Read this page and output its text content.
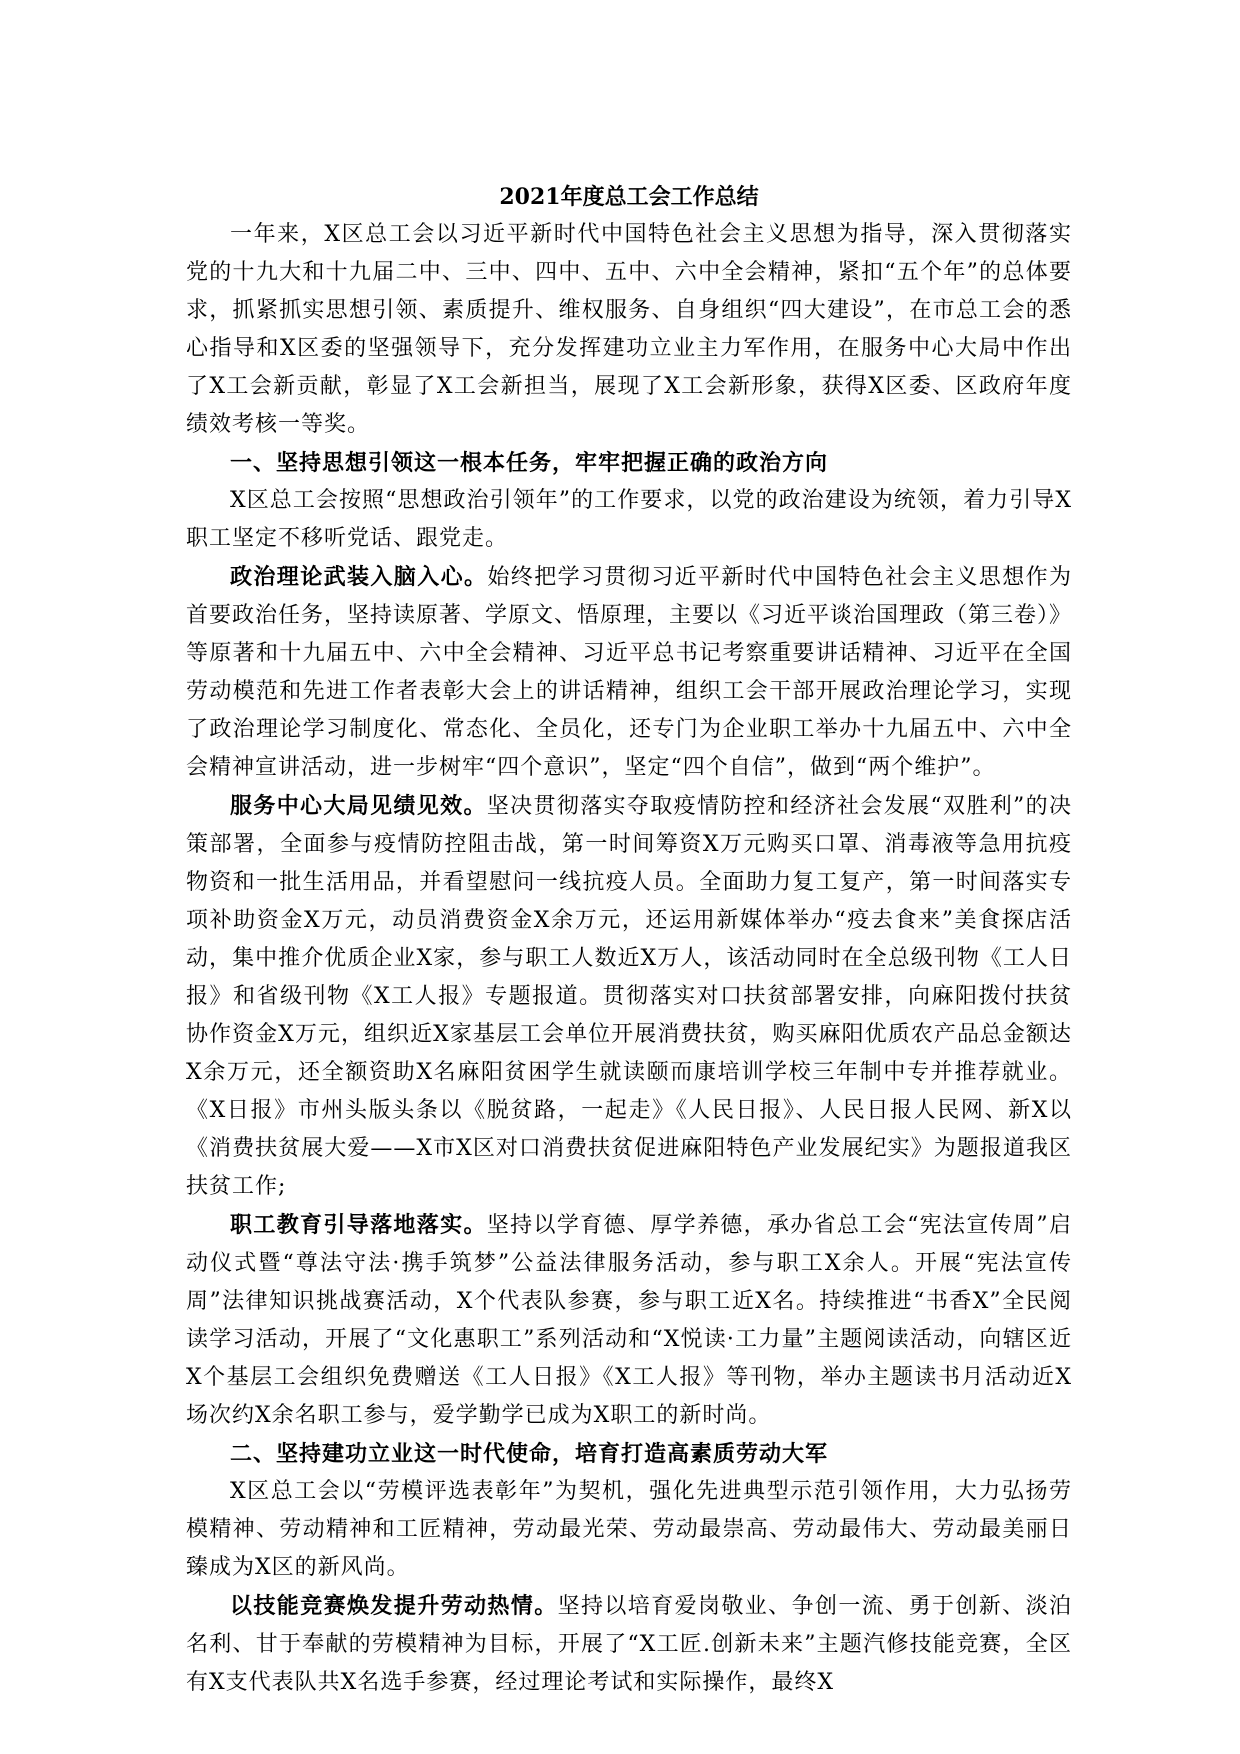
2021年度总工会工作总结

一年来，X区总工会以习近平新时代中国特色社会主义思想为指导，深入贯彻落实党的十九大和十九届二中、三中、四中、五中、六中全会精神，紧扣“五个年”的总体要求，抓紧抓实思想引领、素质提升、维权服务、自身组织“四大建设”，在市总工会的悉心指导和X区委的坚强领导下，充分发挥建功立业主力军作用，在服务中心大局中作出了X工会新贡献，彰显了X工会新担当，展现了X工会新形象，获得X区委、区政府年度绩效考核一等奖。

一、坚持思想引领这一根本任务，牢牢把握正确的政治方向

X区总工会按照“思想政治引领年”的工作要求，以党的政治建设为统领，着力引导X职工坚定不移听党话、跟党走。

政治理论武装入脑入心。始终把学习贯彻习近平新时代中国特色社会主义思想作为首要政治任务，坚持读原著、学原文、悟原理，主要以《习近平谈治国理政（第三卷）》等原著和十九届五中、六中全会精神、习近平总书记考察重要讲话精神、习近平在全国劳动模范和先进工作者表彰大会上的讲话精神，组织工会干部开展政治理论学习，实现了政治理论学习制度化、常态化、全员化，还专门为企业职工举办十九届五中、六中全会精神宣讲活动，进一步树牢“四个意识”，坚定“四个自信”，做到“两个维护”。

服务中心大局见绩见效。坚决贯彻落实夺取疫情防控和经济社会发展“双胜利”的决策部署，全面参与疫情防控阻击战，第一时间筹资X万元购买口罩、消毒液等急用抗疫物资和一批生活用品，并看望慰问一线抗疫人员。全面助力复工复产，第一时间落实专项补助资金X万元，动员消费资金X余万元，还运用新媒体举办“疫去食来”美食探店活动，集中推介优质企业X家，参与职工人数近X万人，该活动同时在全总级刊物《工人日报》和省级刊物《X工人报》专题报道。贯彻落实对口扶贫部署安排，向麻阳拨付扶贫协作资金X万元，组织近X家基层工会单位开展消费扶贫，购买麻阳优质农产品总金额达X余万元，还全额资助X名麻阳贫困学生就读颐而康培训学校三年制中专并推荐就业。《X日报》市州头版头条以《脱贫路，一起走》《人民日报》、人民日报人民网、新X以《消费扶贫展大爱——X市X区对口消费扶贫促进麻阳特色产业发展纪实》为题报道我区扶贫工作;

职工教育引导落地落实。坚持以学育德、厚学养德，承办省总工会“宪法宣传周”启动仪式暨“尊法守法·携手筑梦”公益法律服务活动，参与职工X余人。开展“宪法宣传周”法律知识挑战赛活动，X个代表队参赛，参与职工近X名。持续推进“书香X”全民阅读学习活动，开展了“文化惠职工”系列活动和“X悦读·工力量”主题阅读活动，向辖区近X个基层工会组织免费赠送《工人日报》《X工人报》等刊物，举办主题读书月活动近X场次约X余名职工参与，爱学勤学已成为X职工的新时尚。

二、坚持建功立业这一时代使命，培育打造高素质劳动大军

X区总工会以“劳模评选表彰年”为契机，强化先进典型示范引领作用，大力弘扬劳模精神、劳动精神和工匠精神，劳动最光荣、劳动最崇高、劳动最伟大、劳动最美丽日臻成为X区的新风尚。

以技能竞赛焕发提升劳动热情。坚持以培育爱岗敬业、争创一流、勇于创新、淡泊名利、甘于奉献的劳模精神为目标，开展了“X工匠.创新未来”主题汽修技能竞赛，全区有X支代表队共X名选手参赛，经过理论考试和实际操作，最终X
